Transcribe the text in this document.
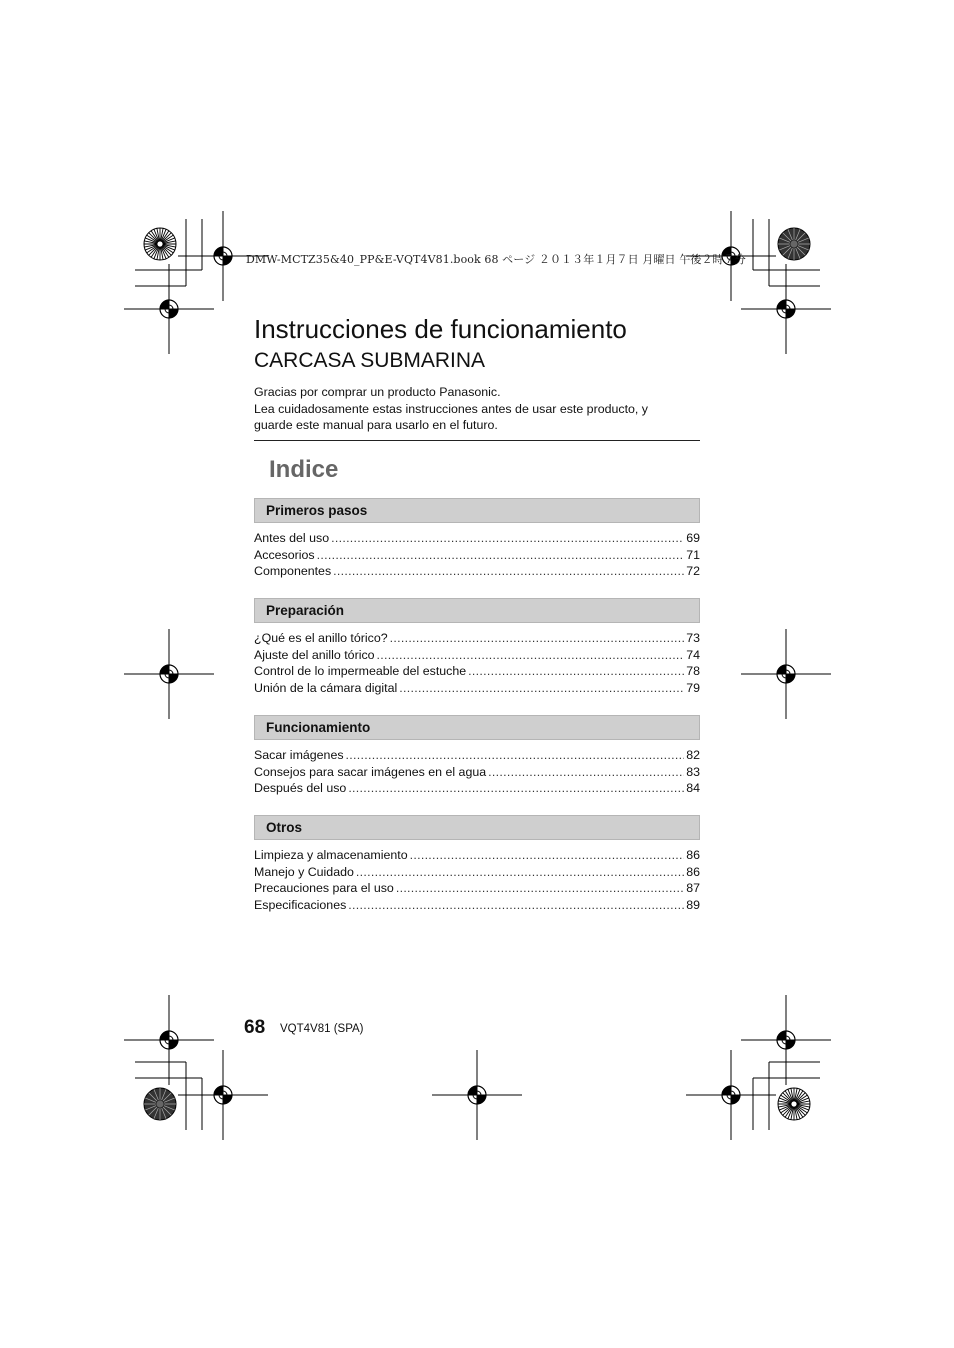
DMW-MCTZ35&40_PP&E-VQT4V81.book 68 ページ ２０１３年１月７日 月曜日 午後２時７分
Instrucciones de funcionamiento
CARCASA SUBMARINA

Gracias por comprar un producto Panasonic.

Lea cuidadosamente estas instrucciones antes de usar este producto, y

guarde este manual para usarlo en el futuro.

Indice
Primeros pasos
Antes del uso .....	69
Accesorios .....	71
Componentes .....	72
Preparación
¿Qué es el anillo tórico? .....	73
Ajuste del anillo tórico .....	74
Control de lo impermeable del estuche .....	78
Unión de la cámara digital .....	79
Funcionamiento
Sacar imágenes .....	82
Consejos para sacar imágenes en el agua .....	83
Después del uso .....	84
Otros
Limpieza y almacenamiento .....	86
Manejo y Cuidado .....	86
Precauciones para el uso .....	87
Especificaciones .....	89
68 VQT4V81 (SPA)
